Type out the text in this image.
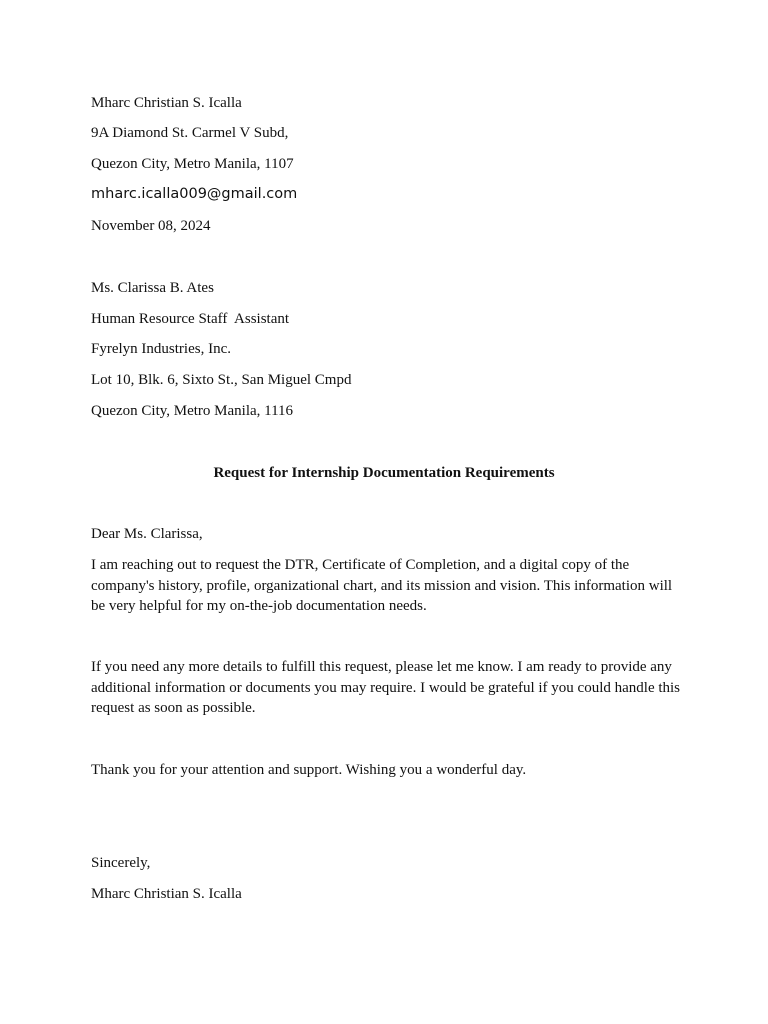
Mharc Christian S. Icalla
9A Diamond St. Carmel V Subd,
Quezon City, Metro Manila, 1107
mharc.icalla009@gmail.com
November 08, 2024
Ms. Clarissa B. Ates
Human Resource Staff  Assistant
Fyrelyn Industries, Inc.
Lot 10, Blk. 6, Sixto St., San Miguel Cmpd
Quezon City, Metro Manila, 1116
Request for Internship Documentation Requirements
Dear Ms. Clarissa,
I am reaching out to request the DTR, Certificate of Completion, and a digital copy of the company's history, profile, organizational chart, and its mission and vision. This information will be very helpful for my on-the-job documentation needs.
If you need any more details to fulfill this request, please let me know. I am ready to provide any additional information or documents you may require. I would be grateful if you could handle this request as soon as possible.
Thank you for your attention and support. Wishing you a wonderful day.
Sincerely,
Mharc Christian S. Icalla
